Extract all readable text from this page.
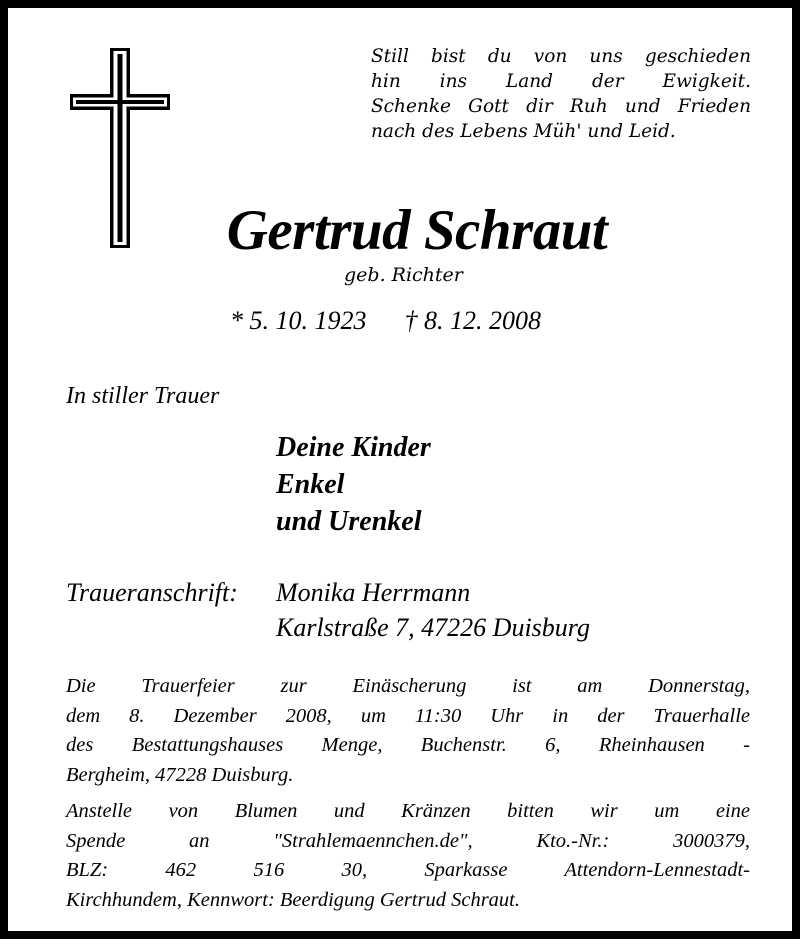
Still bist du von uns geschieden
hin ins Land der Ewigkeit.
Schenke Gott dir Ruh und Frieden
nach des Lebens Müh' und Leid.
Gertrud Schraut
geb. Richter
* 5. 10. 1923 † 8. 12. 2008
In stiller Trauer
Deine Kinder
Enkel
und Urenkel
Traueranschrift: Monika Herrmann
Karlstraße 7, 47226 Duisburg
Die Trauerfeier zur Einäscherung ist am Donnerstag,
dem 8. Dezember 2008, um 11:30 Uhr in der Trauerhalle
des Bestattungshauses Menge, Buchenstr. 6, Rheinhausen -
Bergheim, 47228 Duisburg.
Anstelle von Blumen und Kränzen bitten wir um eine
Spende an "Strahlemaennchen.de", Kto.-Nr.: 3000379,
BLZ: 462 516 30, Sparkasse Attendorn-Lennestadt-
Kirchhundem, Kennwort: Beerdigung Gertrud Schraut.
